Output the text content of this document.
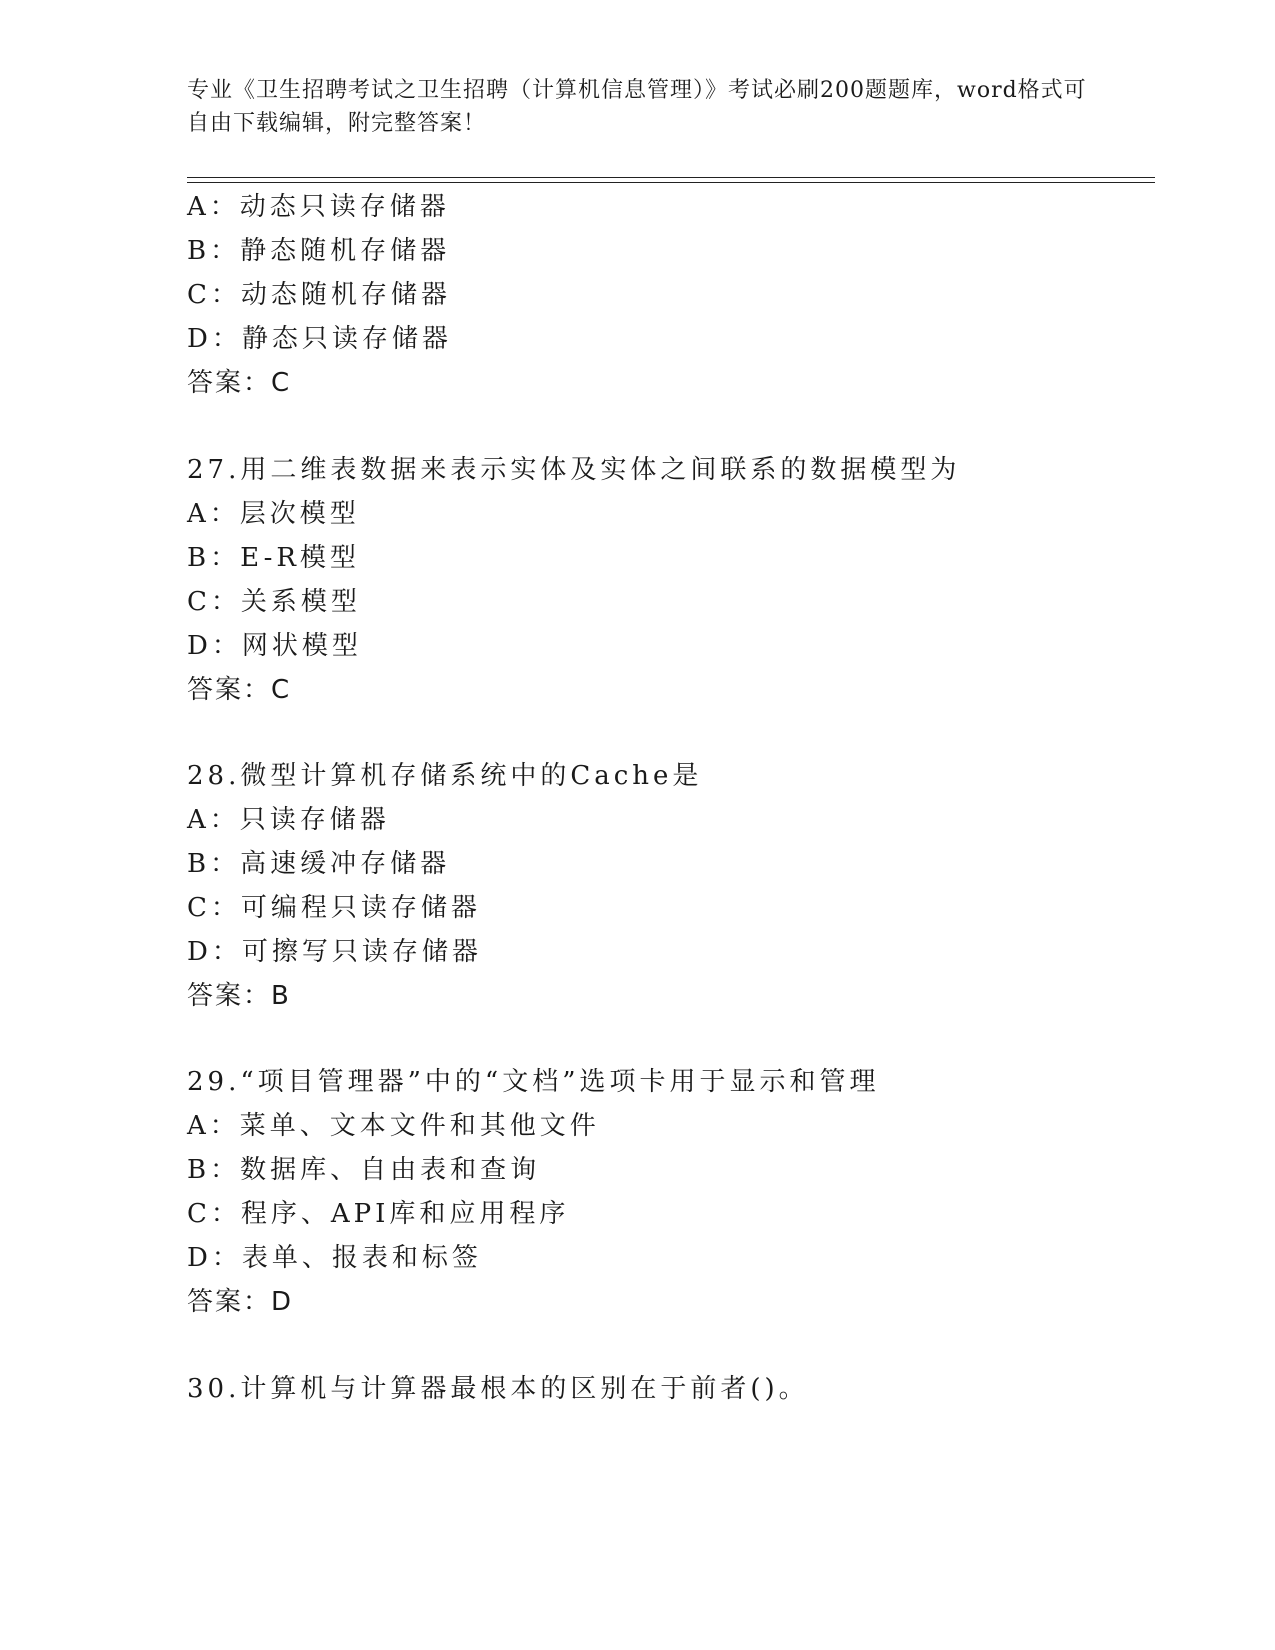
专业《卫生招聘考试之卫生招聘（计算机信息管理）》考试必刷200题题库，word格式可自由下载编辑，附完整答案！
A：动态只读存储器
B：静态随机存储器
C：动态随机存储器
D：静态只读存储器
答案：C
27.用二维表数据来表示实体及实体之间联系的数据模型为
A：层次模型
B：E-R模型
C：关系模型
D：网状模型
答案：C
28.微型计算机存储系统中的Cache是
A：只读存储器
B：高速缓冲存储器
C：可编程只读存储器
D：可擦写只读存储器
答案：B
29.“项目管理器”中的“文档”选项卡用于显示和管理
A：菜单、文本文件和其他文件
B：数据库、自由表和查询
C：程序、API库和应用程序
D：表单、报表和标签
答案：D
30.计算机与计算器最根本的区别在于前者()。
